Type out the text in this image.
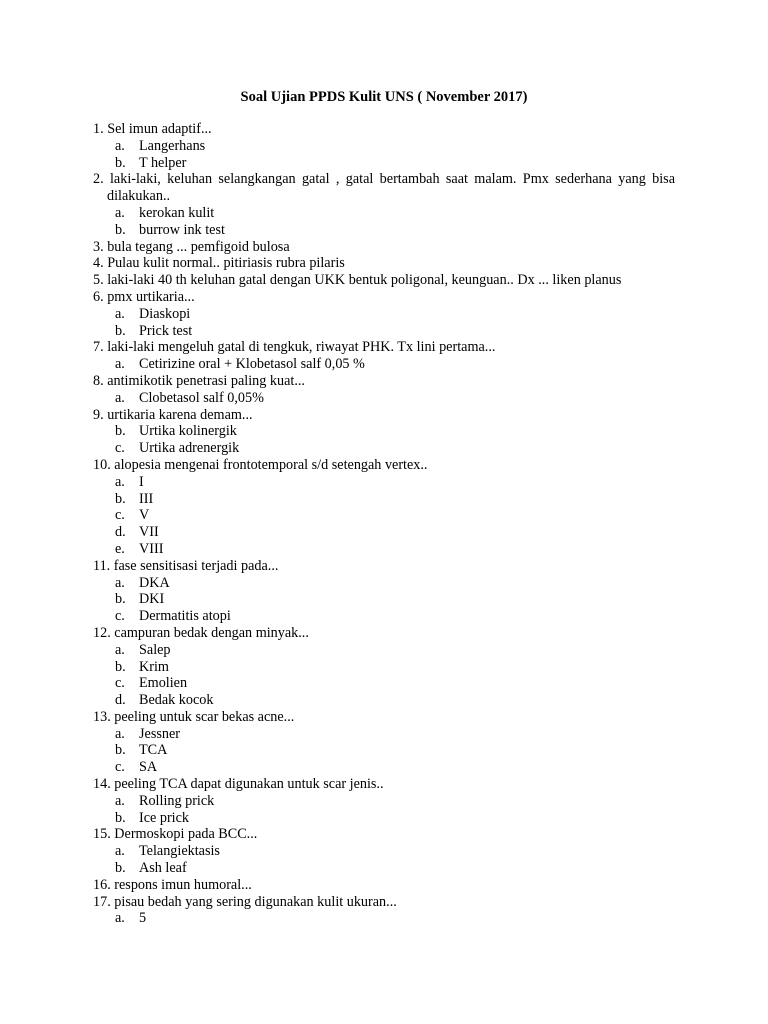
Soal Ujian PPDS Kulit UNS ( November 2017)
1. Sel imun adaptif...
a. Langerhans
b. T helper
2. laki-laki, keluhan selangkangan gatal , gatal bertambah saat malam. Pmx sederhana yang bisa dilakukan..
a. kerokan kulit
b. burrow ink test
3. bula tegang ... pemfigoid bulosa
4. Pulau kulit normal.. pitiriasis rubra pilaris
5. laki-laki 40 th keluhan gatal dengan UKK bentuk poligonal, keunguan.. Dx ... liken planus
6. pmx urtikaria...
a. Diaskopi
b. Prick test
7. laki-laki mengeluh gatal di tengkuk, riwayat PHK. Tx lini pertama...
a. Cetirizine oral + Klobetasol salf 0,05 %
8. antimikotik penetrasi paling kuat...
a. Clobetasol salf 0,05%
9. urtikaria karena demam...
b. Urtika kolinergik
c. Urtika adrenergik
10. alopesia mengenai frontotemporal s/d setengah vertex..
a. I
b. III
c. V
d. VII
e. VIII
11. fase sensitisasi terjadi pada...
a. DKA
b. DKI
c. Dermatitis atopi
12. campuran bedak dengan minyak...
a. Salep
b. Krim
c. Emolien
d. Bedak kocok
13. peeling untuk scar bekas acne...
a. Jessner
b. TCA
c. SA
14. peeling TCA dapat digunakan untuk scar jenis..
a. Rolling prick
b. Ice prick
15. Dermoskopi pada BCC...
a. Telangiektasis
b. Ash leaf
16. respons imun humoral...
17. pisau bedah yang sering digunakan kulit ukuran...
a. 5
